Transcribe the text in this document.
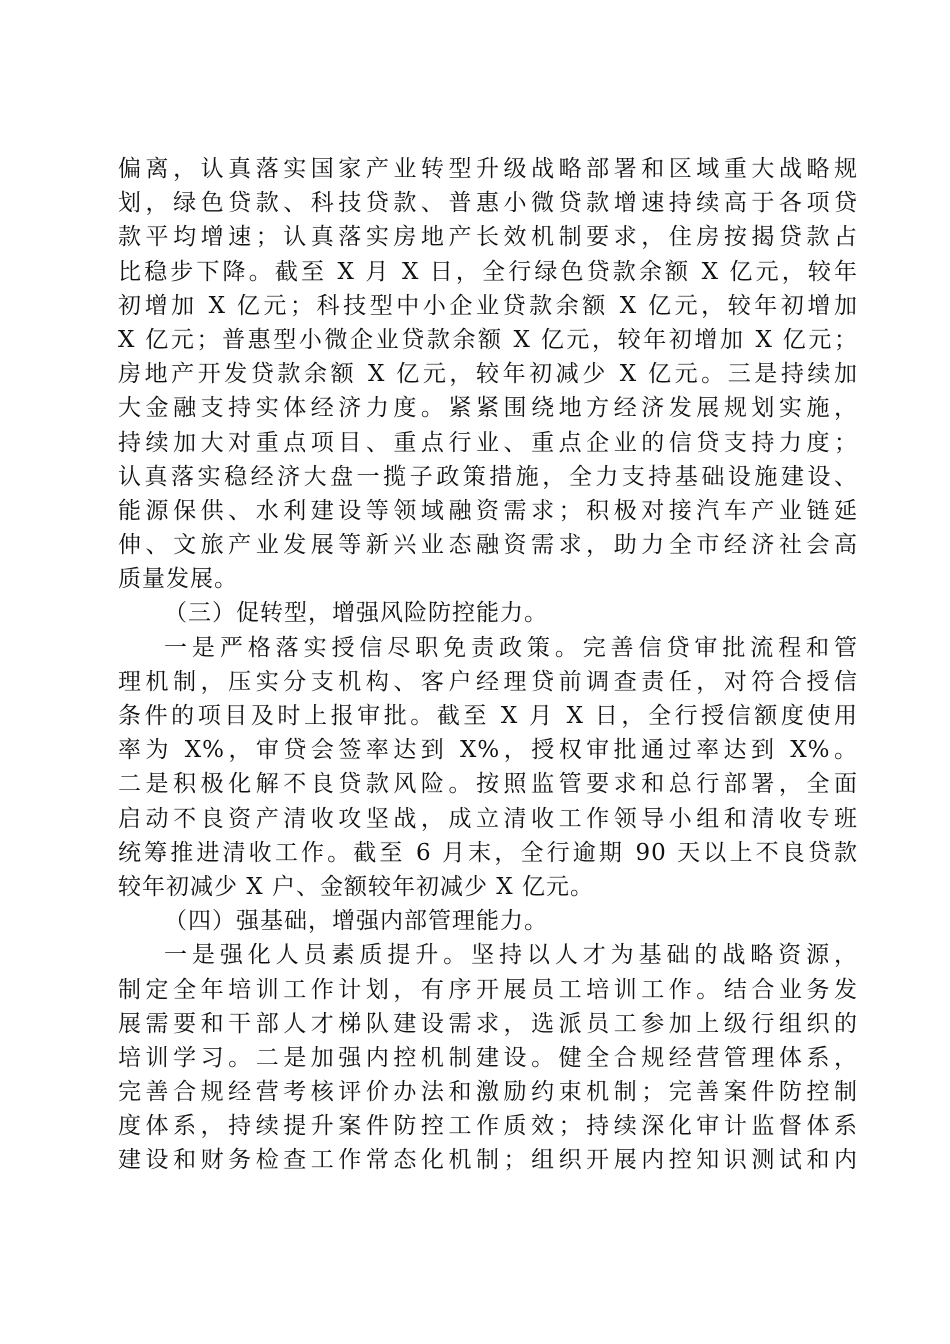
偏离，认真落实国家产业转型升级战略部署和区域重大战略规
划，绿色贷款、科技贷款、普惠小微贷款增速持续高于各项贷
款平均增速；认真落实房地产长效机制要求，住房按揭贷款占
比稳步下降。截至 X 月 X 日，全行绿色贷款余额 X 亿元，较年
初增加 X 亿元；科技型中小企业贷款余额 X 亿元，较年初增加
X 亿元；普惠型小微企业贷款余额 X 亿元，较年初增加 X 亿元；
房地产开发贷款余额 X 亿元，较年初减少 X 亿元。三是持续加
大金融支持实体经济力度。紧紧围绕地方经济发展规划实施，
持续加大对重点项目、重点行业、重点企业的信贷支持力度；
认真落实稳经济大盘一揽子政策措施，全力支持基础设施建设、
能源保供、水利建设等领域融资需求；积极对接汽车产业链延
伸、文旅产业发展等新兴业态融资需求，助力全市经济社会高
质量发展。
（三）促转型，增强风险防控能力。
一是严格落实授信尽职免责政策。完善信贷审批流程和管
理机制，压实分支机构、客户经理贷前调查责任，对符合授信
条件的项目及时上报审批。截至 X 月 X 日，全行授信额度使用
率为 X%，审贷会签率达到 X%，授权审批通过率达到 X%。
二是积极化解不良贷款风险。按照监管要求和总行部署，全面
启动不良资产清收攻坚战，成立清收工作领导小组和清收专班
统筹推进清收工作。截至 6 月末，全行逾期 90 天以上不良贷款
较年初减少 X 户、金额较年初减少 X 亿元。
（四）强基础，增强内部管理能力。
一是强化人员素质提升。坚持以人才为基础的战略资源，
制定全年培训工作计划，有序开展员工培训工作。结合业务发
展需要和干部人才梯队建设需求，选派员工参加上级行组织的
培训学习。二是加强内控机制建设。健全合规经营管理体系，
完善合规经营考核评价办法和激励约束机制；完善案件防控制
度体系，持续提升案件防控工作质效；持续深化审计监督体系
建设和财务检查工作常态化机制；组织开展内控知识测试和内
